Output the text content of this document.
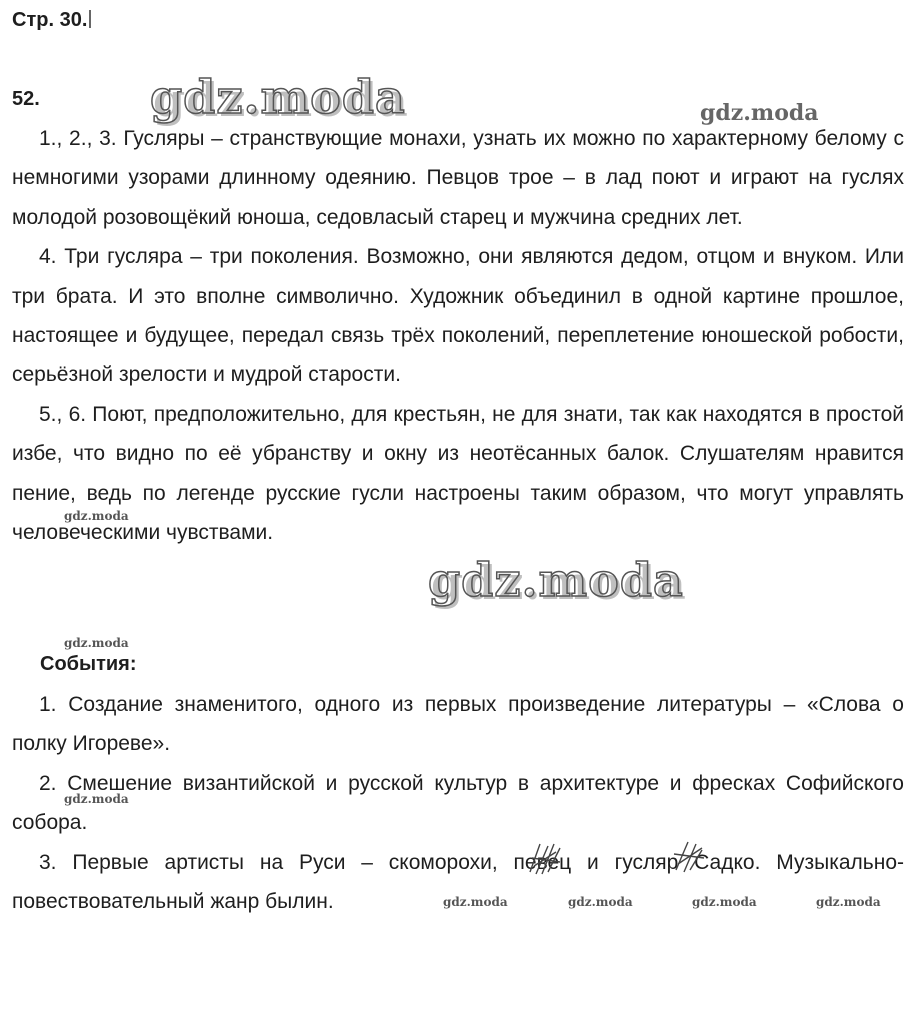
Стр. 30.
52.

1., 2., 3. Гусляры – странствующие монахи, узнать их можно по характерному белому с немногими узорами длинному одеянию. Певцов трое – в лад поют и играют на гуслях молодой розовощёкий юноша, седовласый старец и мужчина средних лет.

4. Три гусляра – три поколения. Возможно, они являются дедом, отцом и внуком. Или три брата. И это вполне символично. Художник объединил в одной картине прошлое, настоящее и будущее, передал связь трёх поколений, переплетение юношеской робости, серьёзной зрелости и мудрой старости.

5., 6. Поют, предположительно, для крестьян, не для знати, так как находятся в простой избе, что видно по её убранству и окну из неотёсанных балок. Слушателям нравится пение, ведь по легенде русские гусли настроены таким образом, что могут управлять человеческими чувствами.

События:

1. Создание знаменитого, одного из первых произведение литературы – «Слова о полку Игореве».

2. Смешение византийской и русской культур в архитектуре и фресках Софийского собора.

3. Первые артисты на Руси – скоморохи, певец и гусляр Садко. Музыкально-повествовательный жанр былин.

gdz.moda	gdz.moda
gdz.moda
gdz.moda
gdz.moda
gdz.moda
gdz.moda	gdz.moda	gdz.moda	gdz.moda
